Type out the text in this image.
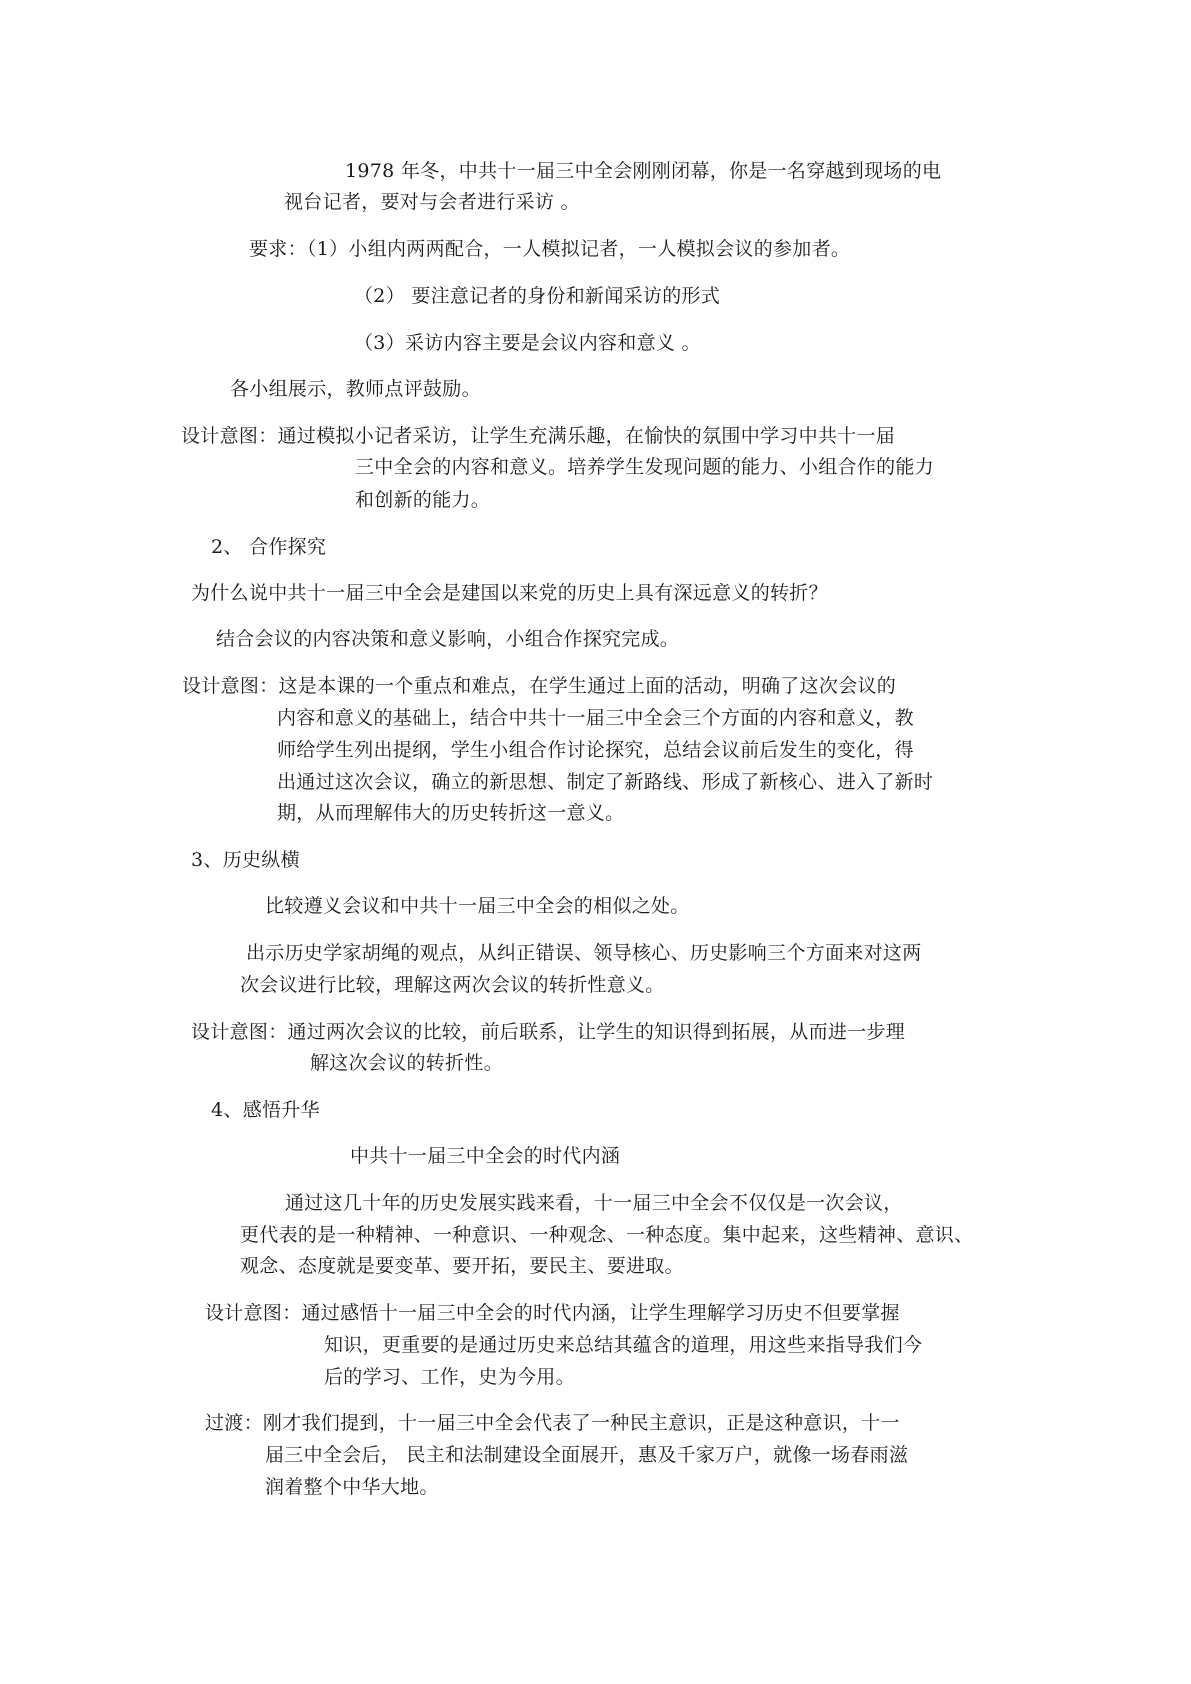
1978 年冬，中共十一届三中全会刚刚闭幕，你是一名穿越到现场的电
视台记者，要对与会者进行采访 。
要求：（1）小组内两两配合，一人模拟记者，一人模拟会议的参加者。
（2） 要注意记者的身份和新闻采访的形式
（3）采访内容主要是会议内容和意义 。
各小组展示，教师点评鼓励。
设计意图：通过模拟小记者采访，让学生充满乐趣，在愉快的氛围中学习中共十一届
三中全会的内容和意义。培养学生发现问题的能力、小组合作的能力
和创新的能力。
2、 合作探究
为什么说中共十一届三中全会是建国以来党的历史上具有深远意义的转折？
结合会议的内容决策和意义影响，小组合作探究完成。
设计意图：这是本课的一个重点和难点，在学生通过上面的活动，明确了这次会议的
内容和意义的基础上，结合中共十一届三中全会三个方面的内容和意义，教
师给学生列出提纲，学生小组合作讨论探究，总结会议前后发生的变化，得
出通过这次会议，确立的新思想、制定了新路线、形成了新核心、进入了新时
期，从而理解伟大的历史转折这一意义。
3、历史纵横
比较遵义会议和中共十一届三中全会的相似之处。
出示历史学家胡绳的观点，从纠正错误、领导核心、历史影响三个方面来对这两
次会议进行比较，理解这两次会议的转折性意义。
设计意图：通过两次会议的比较，前后联系，让学生的知识得到拓展，从而进一步理
解这次会议的转折性。
4、感悟升华
中共十一届三中全会的时代内涵
通过这几十年的历史发展实践来看，十一届三中全会不仅仅是一次会议，
更代表的是一种精神、一种意识、一种观念、一种态度。集中起来，这些精神、意识、
观念、态度就是要变革、要开拓，要民主、要进取。
设计意图：通过感悟十一届三中全会的时代内涵，让学生理解学习历史不但要掌握
知识，更重要的是通过历史来总结其蕴含的道理，用这些来指导我们今
后的学习、工作，史为今用。
过渡：刚才我们提到，十一届三中全会代表了一种民主意识，正是这种意识，十一
届三中全会后， 民主和法制建设全面展开，惠及千家万户，就像一场春雨滋
润着整个中华大地。
